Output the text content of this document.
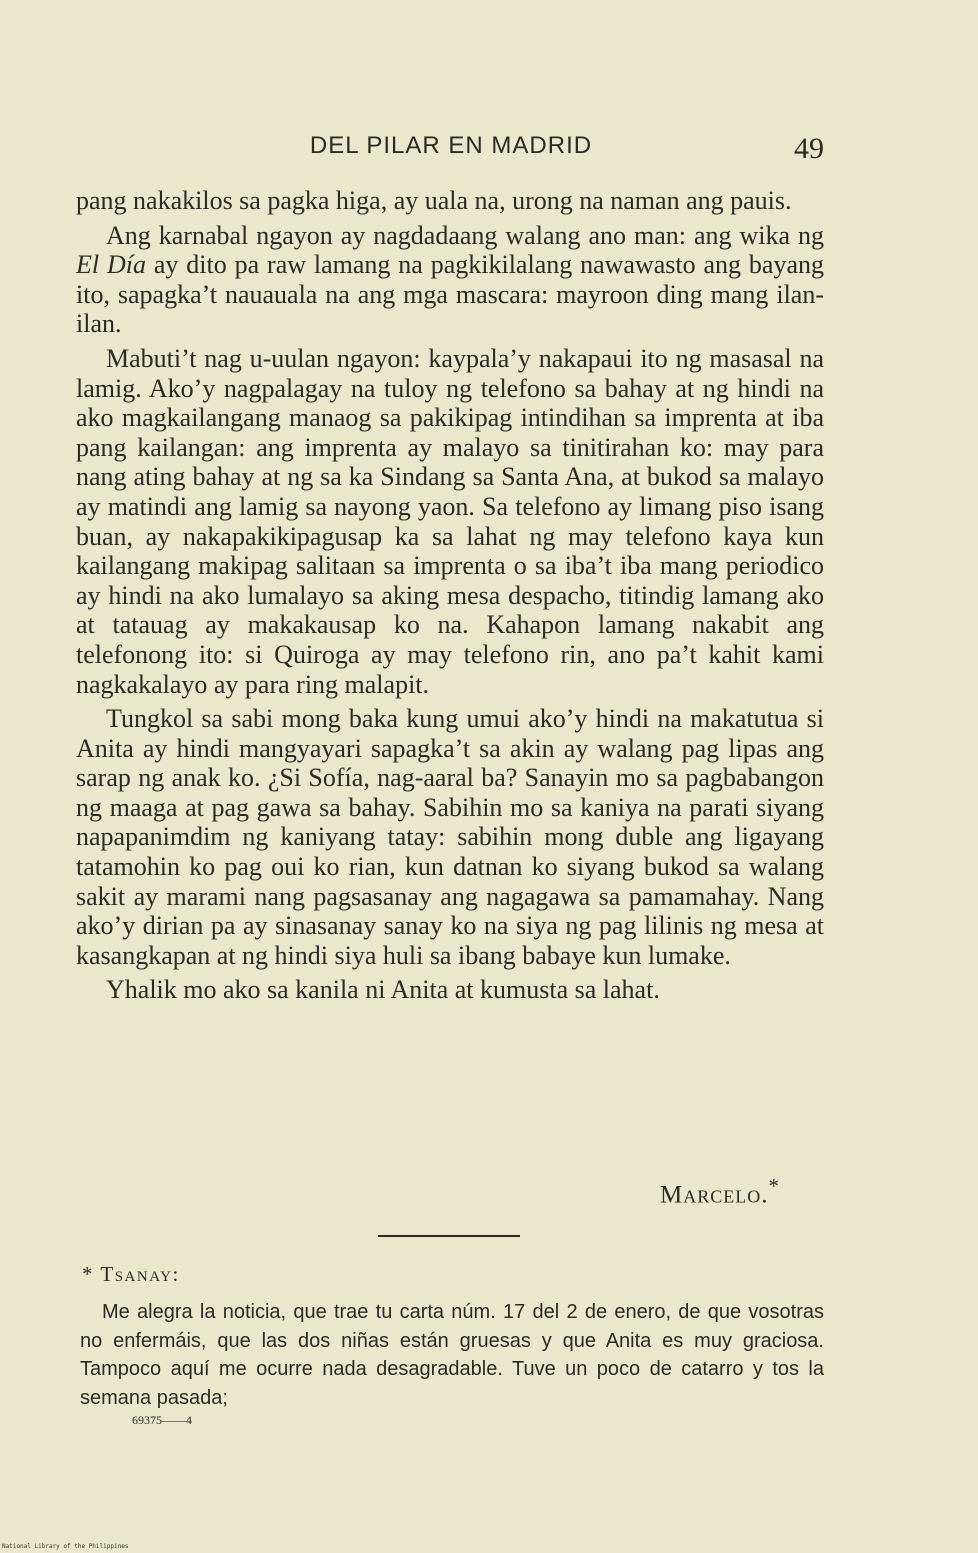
DEL PILAR EN MADRID	49

pang nakakilos sa pagka higa, ay uala na, urong na naman ang pauis.

Ang karnabal ngayon ay nagdadaang walang ano man: ang wika ng El Día ay dito pa raw lamang na pagkikilalang nawawasto ang bayang ito, sapagka’t nauauala na ang mga mascara: mayroon ding mang ilan-ilan.

Mabuti’t nag u-uulan ngayon: kaypala’y nakapaui ito ng masasal na lamig. Ako’y nagpalagay na tuloy ng telefono sa bahay at ng hindi na ako magkailangang manaog sa pakikipag intindihan sa imprenta at iba pang kailangan: ang imprenta ay malayo sa tinitirahan ko: may para nang ating bahay at ng sa ka Sindang sa Santa Ana, at bukod sa malayo ay matindi ang lamig sa nayong yaon. Sa telefono ay limang piso isang buan, ay nakapakikipagusap ka sa lahat ng may telefono kaya kun kailangang makipag salitaan sa imprenta o sa iba’t iba mang periodico ay hindi na ako lumalayo sa aking mesa despacho, titindig lamang ako at tatauag ay makakausap ko na. Kahapon lamang nakabit ang telefonong ito: si Quiroga ay may telefono rin, ano pa’t kahit kami nagkakalayo ay para ring malapit.

Tungkol sa sabi mong baka kung umui ako’y hindi na makatutua si Anita ay hindi mangyayari sapagka’t sa akin ay walang pag lipas ang sarap ng anak ko. ¿Si Sofía, nag-aaral ba? Sanayin mo sa pagbabangon ng maaga at pag gawa sa bahay. Sabihin mo sa kaniya na parati siyang napapanimdim ng kaniyang tatay: sabihin mong duble ang ligayang tatamohin ko pag oui ko rian, kun datnan ko siyang bukod sa walang sakit ay marami nang pagsasanay ang nagagawa sa pamamahay. Nang ako’y dirian pa ay sinasanay sanay ko na siya ng pag lilinis ng mesa at kasangkapan at ng hindi siya huli sa ibang babaye kun lumake.

Yhalik mo ako sa kanila ni Anita at kumusta sa lahat.

Marcelo.*
* Tsanay:

Me alegra la noticia, que trae tu carta núm. 17 del 2 de enero, de que vosotras no enfermáis, que las dos niñas están gruesas y que Anita es muy graciosa. Tampoco aquí me ocurre nada desagradable. Tuve un poco de catarro y tos la semana pasada;

69375——4
National Library of the Philippines
